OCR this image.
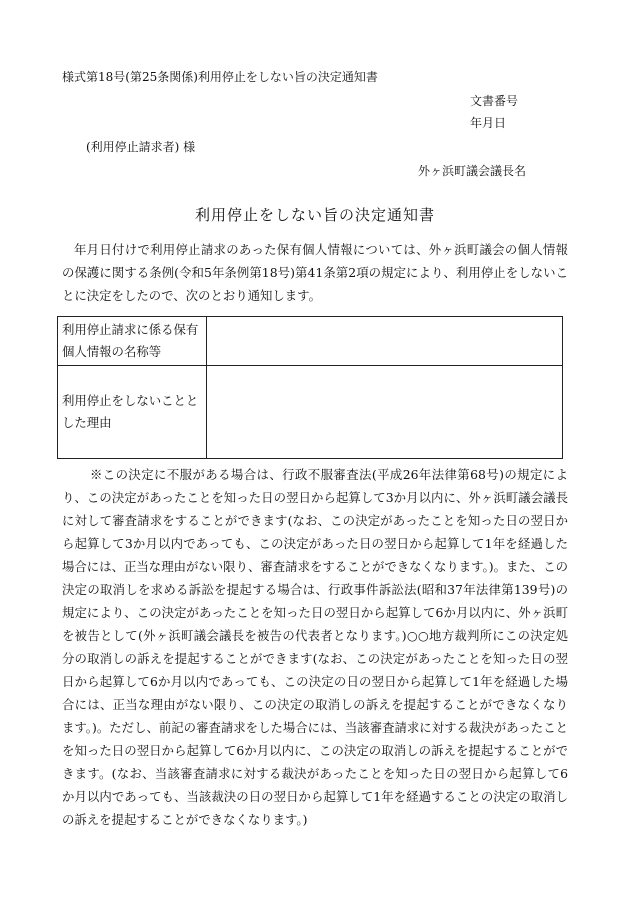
様式第18号(第25条関係)利用停止をしない旨の決定通知書
文書番号
年月日
(利用停止請求者) 様
外ヶ浜町議会議長名
利用停止をしない旨の決定通知書
年月日付けで利用停止請求のあった保有個人情報については、外ヶ浜町議会の個人情報の保護に関する条例(令和5年条例第18号)第41条第2項の規定により、利用停止をしないことに決定をしたので、次のとおり通知します。
利用停止請求に係る保有個人情報の名称等	
利用停止をしないこととした理由	
※この決定に不服がある場合は、行政不服審査法(平成26年法律第68号)の規定により、この決定があったことを知った日の翌日から起算して3か月以内に、外ヶ浜町議会議長に対して審査請求をすることができます(なお、この決定があったことを知った日の翌日から起算して3か月以内であっても、この決定があった日の翌日から起算して1年を経過した場合には、正当な理由がない限り、審査請求をすることができなくなります。)。また、この決定の取消しを求める訴訟を提起する場合は、行政事件訴訟法(昭和37年法律第139号)の規定により、この決定があったことを知った日の翌日から起算して6か月以内に、外ヶ浜町を被告として(外ヶ浜町議会議長を被告の代表者となります。)○○地方裁判所にこの決定処分の取消しの訴えを提起することができます(なお、この決定があったことを知った日の翌日から起算して6か月以内であっても、この決定の日の翌日から起算して1年を経過した場合には、正当な理由がない限り、この決定の取消しの訴えを提起することができなくなります。)。ただし、前記の審査請求をした場合には、当該審査請求に対する裁決があったことを知った日の翌日から起算して6か月以内に、この決定の取消しの訴えを提起することができます。(なお、当該審査請求に対する裁決があったことを知った日の翌日から起算して6か月以内であっても、当該裁決の日の翌日から起算して1年を経過することの決定の取消しの訴えを提起することができなくなります。)
